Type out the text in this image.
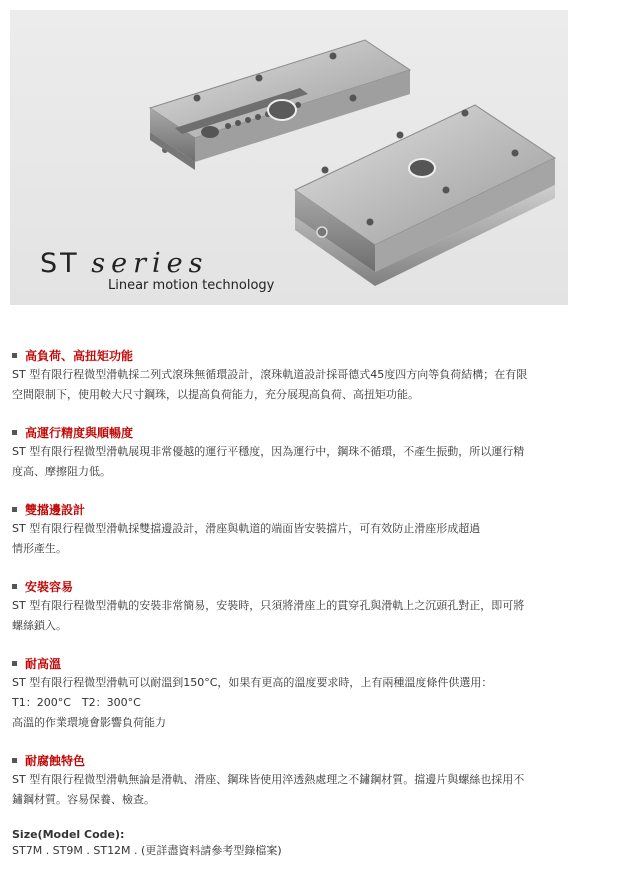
ST series
Linear motion technology
高負荷、高扭矩功能

ST 型有限行程微型滑軌採二列式滾珠無循環設計，滾珠軌道設計採哥德式45度四方向等負荷結構；在有限

空間限制下，使用較大尺寸鋼珠，以提高負荷能力，充分展現高負荷、高扭矩功能。

高運行精度與順暢度

ST 型有限行程微型滑軌展現非常優越的運行平穩度，因為運行中，鋼珠不循環，不產生振動，所以運行精

度高、摩擦阻力低。

雙擋邊設計

ST 型有限行程微型滑軌採雙擋邊設計，滑座與軌道的端面皆安裝擋片，可有效防止滑座形成超過

情形產生。

安裝容易

ST 型有限行程微型滑軌的安裝非常簡易，安裝時，只須將滑座上的貫穿孔與滑軌上之沉頭孔對正，即可將

螺絲鎖入。

耐高溫

ST 型有限行程微型滑軌可以耐溫到150°C，如果有更高的溫度要求時，上有兩種溫度條件供選用：

T1：200°C　T2：300°C

高溫的作業環境會影響負荷能力

耐腐蝕特色

ST 型有限行程微型滑軌無論是滑軌、滑座、鋼珠皆使用淬透熱處理之不鏽鋼材質。擋邊片與螺絲也採用不

鏽鋼材質。容易保養、檢查。

Size(Model Code):
ST7M . ST9M . ST12M . (更詳盡資料請參考型錄檔案)
